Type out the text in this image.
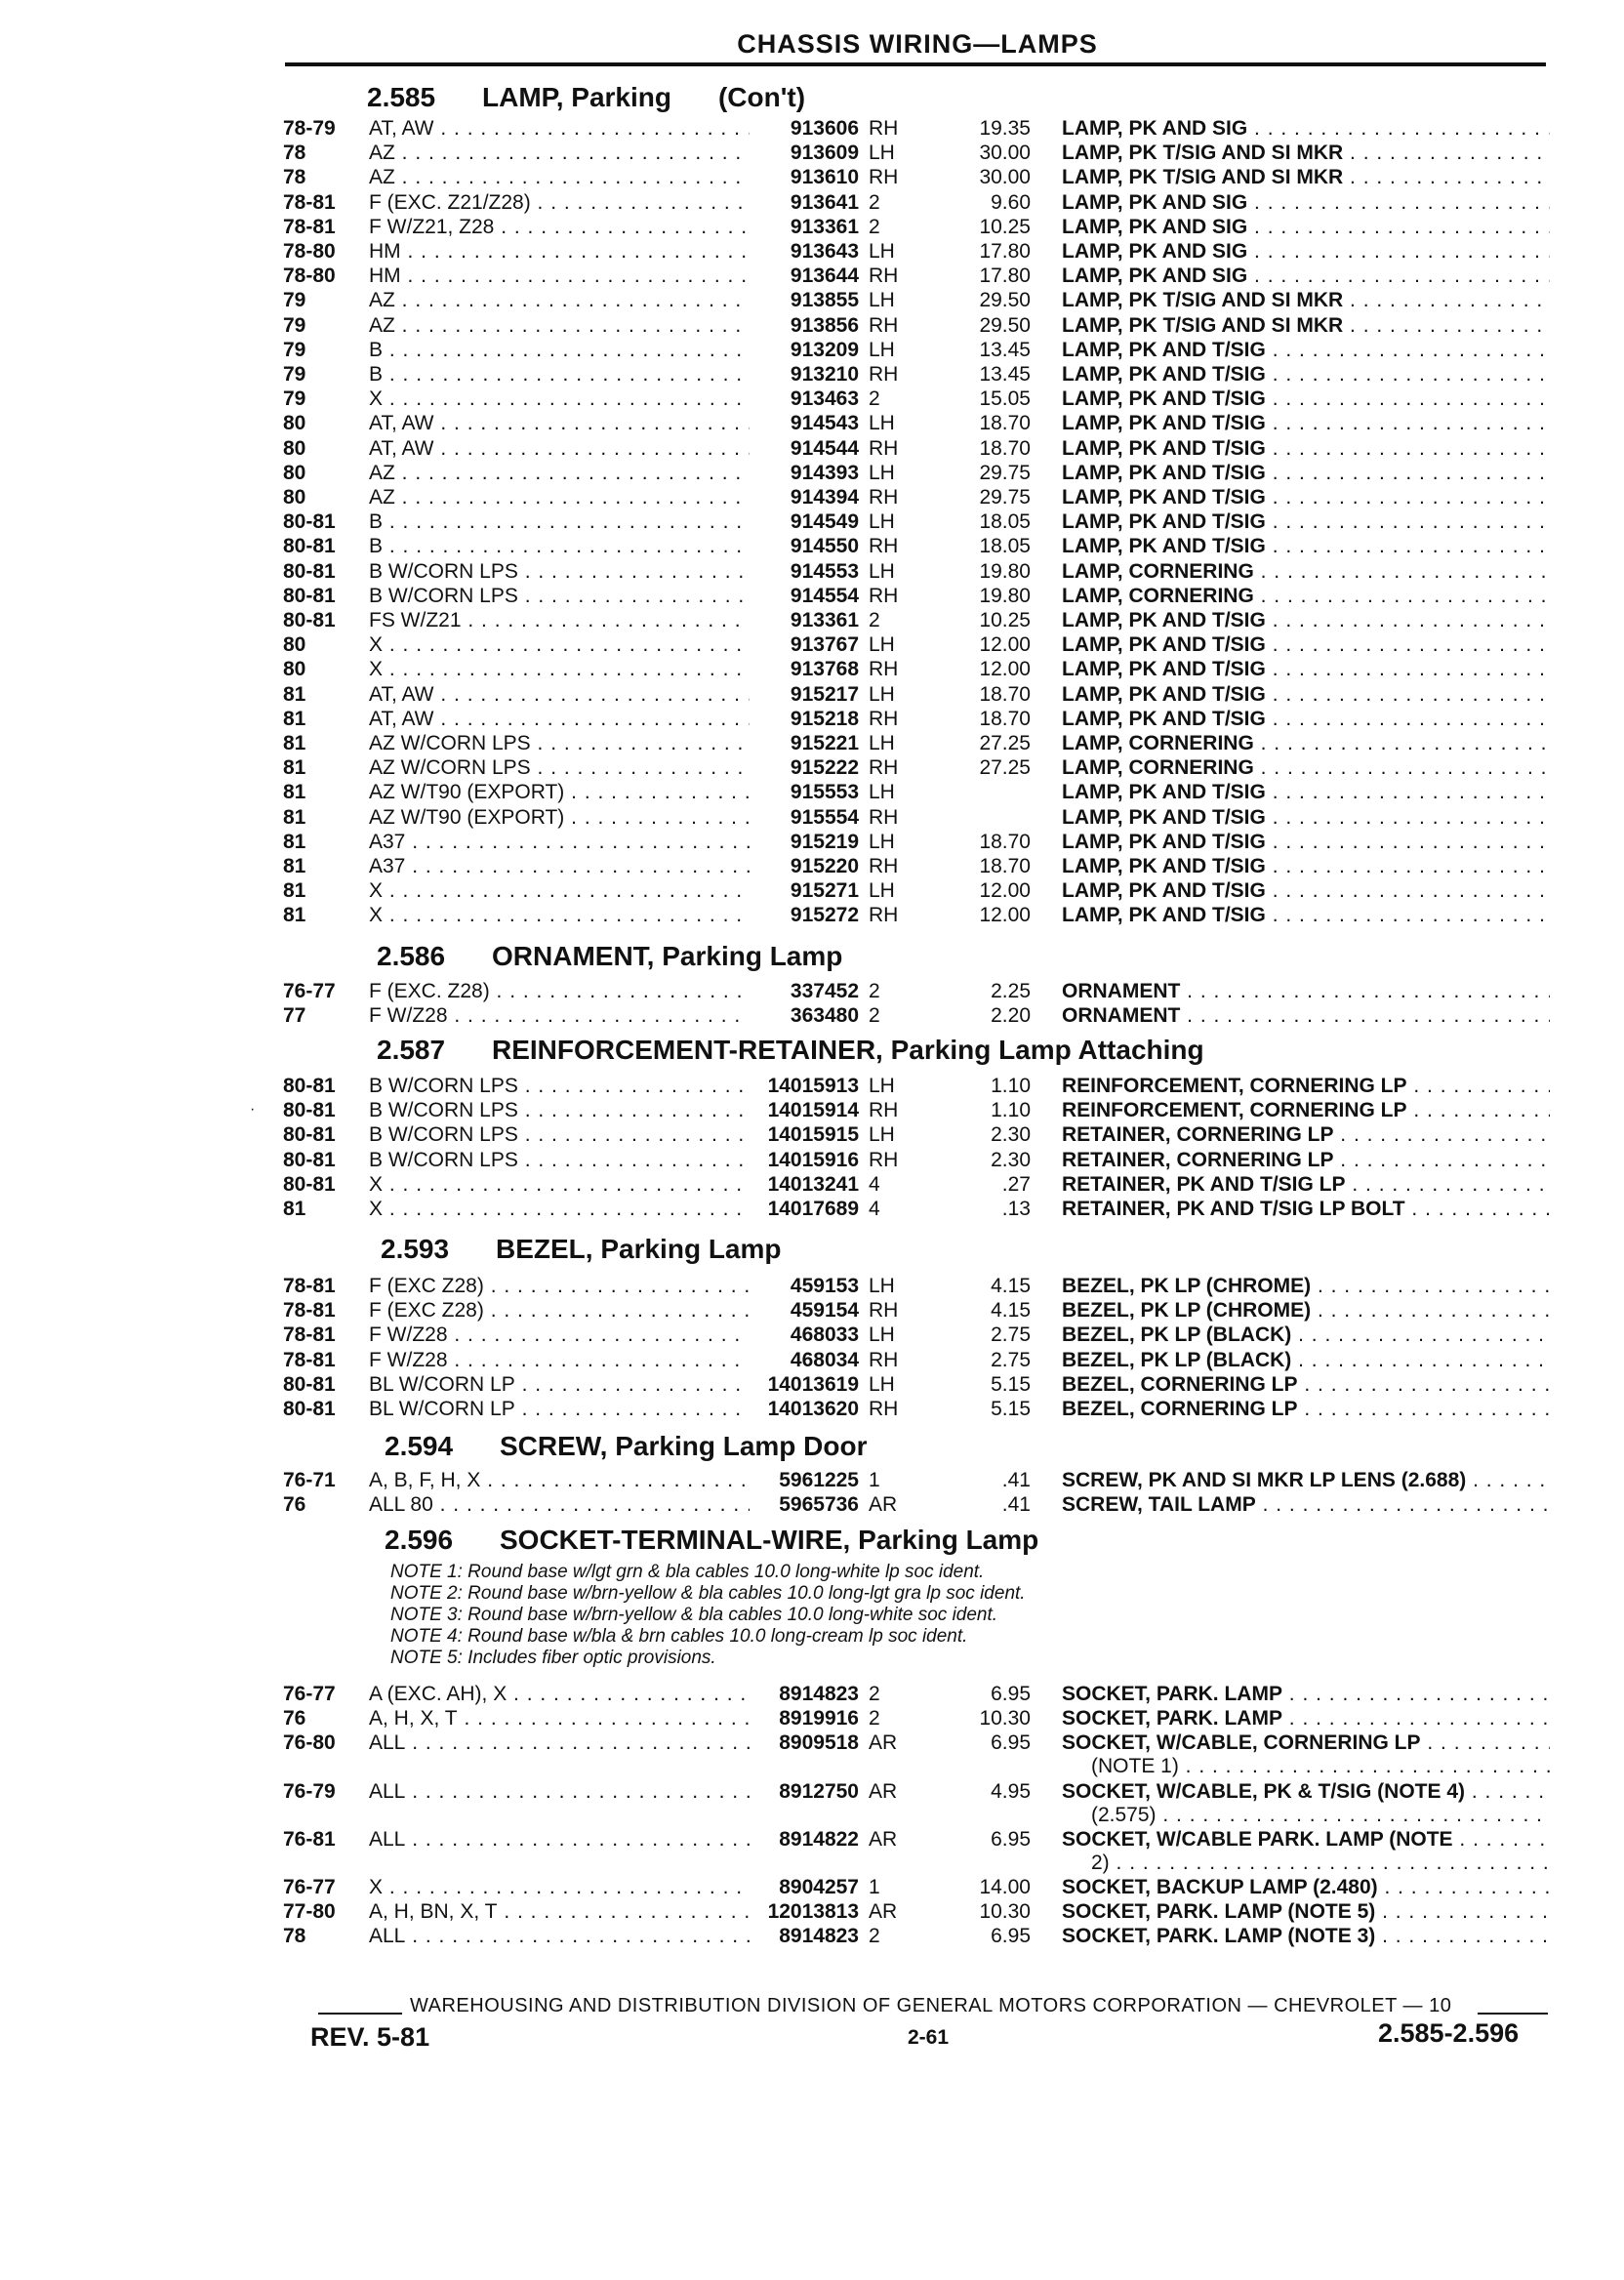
CHASSIS WIRING—LAMPS
2.585 LAMP, Parking (Con't)
78-79	AT, AW . . .	913606 RH	19.35 LAMP, PK AND SIG . . .
78	AZ . . .	913609 LH	30.00 LAMP, PK T/SIG AND SI MKR . . .
78	AZ . . .	913610 RH	30.00 LAMP, PK T/SIG AND SI MKR . . .
78-81	F (EXC. Z21/Z28) . . .	913641 2	9.60 LAMP, PK AND SIG . . .
78-81	F W/Z21, Z28 . . .	913361 2	10.25 LAMP, PK AND SIG . . .
78-80	HM . . .	913643 LH	17.80 LAMP, PK AND SIG . . .
78-80	HM . . .	913644 RH	17.80 LAMP, PK AND SIG . . .
79	AZ . . .	913855 LH	29.50 LAMP, PK T/SIG AND SI MKR . . .
79	AZ . . .	913856 RH	29.50 LAMP, PK T/SIG AND SI MKR . . .
79	B . . .	913209 LH	13.45 LAMP, PK AND T/SIG . . .
79	B . . .	913210 RH	13.45 LAMP, PK AND T/SIG . . .
79	X . . .	913463 2	15.05 LAMP, PK AND T/SIG . . .
80	AT, AW . . .	914543 LH	18.70 LAMP, PK AND T/SIG . . .
80	AT, AW . . .	914544 RH	18.70 LAMP, PK AND T/SIG . . .
80	AZ . . .	914393 LH	29.75 LAMP, PK AND T/SIG . . .
80	AZ . . .	914394 RH	29.75 LAMP, PK AND T/SIG . . .
80-81	B . . .	914549 LH	18.05 LAMP, PK AND T/SIG . . .
80-81	B . . .	914550 RH	18.05 LAMP, PK AND T/SIG . . .
80-81	B W/CORN LPS . . .	914553 LH	19.80 LAMP, CORNERING . . .
80-81	B W/CORN LPS . . .	914554 RH	19.80 LAMP, CORNERING . . .
80-81	FS W/Z21 . . .	913361 2	10.25 LAMP, PK AND T/SIG . . .
80	X . . .	913767 LH	12.00 LAMP, PK AND T/SIG . . .
80	X . . .	913768 RH	12.00 LAMP, PK AND T/SIG . . .
81	AT, AW . . .	915217 LH	18.70 LAMP, PK AND T/SIG . . .
81	AT, AW . . .	915218 RH	18.70 LAMP, PK AND T/SIG . . .
81	AZ W/CORN LPS . . .	915221 LH	27.25 LAMP, CORNERING . . .
81	AZ W/CORN LPS . . .	915222 RH	27.25 LAMP, CORNERING . . .
81	AZ W/T90 (EXPORT) . . .	915553 LH	LAMP, PK AND T/SIG . . .
81	AZ W/T90 (EXPORT) . . .	915554 RH	LAMP, PK AND T/SIG . . .
81	A37 . . .	915219 LH	18.70 LAMP, PK AND T/SIG . . .
81	A37 . . .	915220 RH	18.70 LAMP, PK AND T/SIG . . .
81	X . . .	915271 LH	12.00 LAMP, PK AND T/SIG . . .
81	X . . .	915272 RH	12.00 LAMP, PK AND T/SIG . . .
2.586 ORNAMENT, Parking Lamp
76-77	F (EXC. Z28) . . .	337452 2	2.25 ORNAMENT . . .
77	F W/Z28 . . .	363480 2	2.20 ORNAMENT . . .
2.587 REINFORCEMENT-RETAINER, Parking Lamp Attaching
80-81	B W/CORN LPS . . .	14015913 LH	1.10 REINFORCEMENT, CORNERING LP . . .
80-81	B W/CORN LPS . . .	14015914 RH	1.10 REINFORCEMENT, CORNERING LP . . .
80-81	B W/CORN LPS . . .	14015915 LH	2.30 RETAINER, CORNERING LP . . .
80-81	B W/CORN LPS . . .	14015916 RH	2.30 RETAINER, CORNERING LP . . .
80-81	X . . .	14013241 4	.27 RETAINER, PK AND T/SIG LP . . .
81	X . . .	14017689 4	.13 RETAINER, PK AND T/SIG LP BOLT . . .
2.593 BEZEL, Parking Lamp
78-81	F (EXC Z28) . . .	459153 LH	4.15 BEZEL, PK LP (CHROME) . . .
78-81	F (EXC Z28) . . .	459154 RH	4.15 BEZEL, PK LP (CHROME) . . .
78-81	F W/Z28 . . .	468033 LH	2.75 BEZEL, PK LP (BLACK) . . .
78-81	F W/Z28 . . .	468034 RH	2.75 BEZEL, PK LP (BLACK) . . .
80-81	BL W/CORN LP . . .	14013619 LH	5.15 BEZEL, CORNERING LP . . .
80-81	BL W/CORN LP . . .	14013620 RH	5.15 BEZEL, CORNERING LP . . .
2.594 SCREW, Parking Lamp Door
76-71	A, B, F, H, X . . .	5961225 1	.41 SCREW, PK AND SI MKR LP LENS (2.688) . . .
76	ALL 80 . . .	5965736 AR	.41 SCREW, TAIL LAMP . . .
2.596 SOCKET-TERMINAL-WIRE, Parking Lamp
NOTE 1: Round base w/lgt grn & bla cables 10.0 long-white lp soc ident.
NOTE 2: Round base w/brn-yellow & bla cables 10.0 long-lgt gra lp soc ident.
NOTE 3: Round base w/brn-yellow & bla cables 10.0 long-white soc ident.
NOTE 4: Round base w/bla & brn cables 10.0 long-cream lp soc ident.
NOTE 5: Includes fiber optic provisions.
76-77	A (EXC. AH), X . . .	8914823 2	6.95 SOCKET, PARK. LAMP . . .
76	A, H, X, T . . .	8919916 2	10.30 SOCKET, PARK. LAMP . . .
76-80	ALL . . .	8909518 AR	6.95 SOCKET, W/CABLE, CORNERING LP . . .
(NOTE 1) . . .
76-79	ALL . . .	8912750 AR	4.95 SOCKET, W/CABLE, PK & T/SIG (NOTE 4) . . .
(2.575) . . .
76-81	ALL . . .	8914822 AR	6.95 SOCKET, W/CABLE PARK. LAMP (NOTE . . .
2) . . .
76-77	X . . .	8904257 1	14.00 SOCKET, BACKUP LAMP (2.480) . . .
77-80	A, H, BN, X, T . . .	12013813 AR	10.30 SOCKET, PARK. LAMP (NOTE 5) . . .
78	ALL . . .	8914823 2	6.95 SOCKET, PARK. LAMP (NOTE 3) . . .
·
WAREHOUSING AND DISTRIBUTION DIVISION OF GENERAL MOTORS CORPORATION — CHEVROLET — 10
REV. 5-81	2-61	2.585-2.596
